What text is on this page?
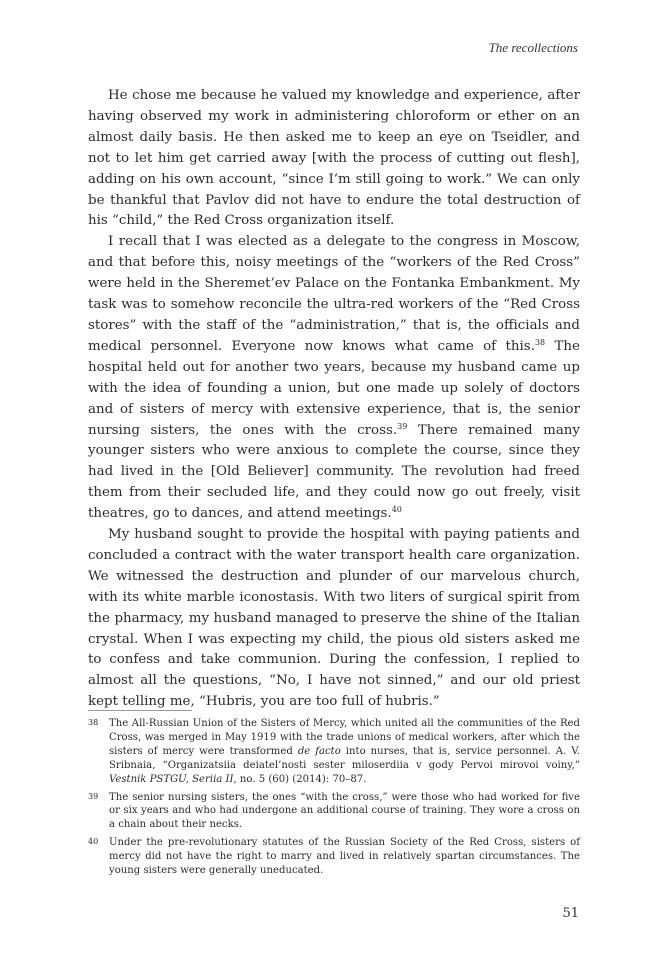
The recollections

He chose me because he valued my knowledge and experience, after having observed my work in administering chloroform or ether on an almost daily basis. He then asked me to keep an eye on Tseidler, and not to let him get carried away [with the process of cutting out flesh], adding on his own account, “since I’m still going to work.” We can only be thankful that Pavlov did not have to endure the total destruction of his “child,” the Red Cross organization itself.

I recall that I was elected as a delegate to the congress in Moscow, and that before this, noisy meetings of the “workers of the Red Cross” were held in the Sheremet’ev Palace on the Fontanka Embankment. My task was to somehow reconcile the ultra-red workers of the “Red Cross stores” with the staff of the “administration,” that is, the officials and medical personnel. Everyone now knows what came of this.$^{38}$ The hospital held out for another two years, because my husband came up with the idea of founding a union, but one made up solely of doctors and of sisters of mercy with extensive experience, that is, the senior nursing sisters, the ones with the cross.$^{39}$ There remained many younger sisters who were anxious to complete the course, since they had lived in the [Old Believer] community. The revolution had freed them from their secluded life, and they could now go out freely, visit theatres, go to dances, and attend meetings.$^{40}$

My husband sought to provide the hospital with paying patients and concluded a contract with the water transport health care organization. We witnessed the destruction and plunder of our marvelous church, with its white marble iconostasis. With two liters of surgical spirit from the pharmacy, my husband managed to preserve the shine of the Italian crystal. When I was expecting my child, the pious old sisters asked me to confess and take communion. During the confession, I replied to almost all the questions, “No, I have not sinned,” and our old priest kept telling me, “Hubris, you are too full of hubris.”

38 The All-Russian Union of the Sisters of Mercy, which united all the communities of the Red Cross, was merged in May 1919 with the trade unions of medical workers, after which the sisters of mercy were transformed de facto into nurses, that is, service personnel. A. V. Sribnaia, “Organizatsiia deiatel’nosti sester miloserdiia v gody Pervoi mirovoi voiny,” Vestnik PSTGU, Seriia II, no. 5 (60) (2014): 70–87.
39 The senior nursing sisters, the ones “with the cross,” were those who had worked for five or six years and who had undergone an additional course of training. They wore a cross on a chain about their necks.
40 Under the pre-revolutionary statutes of the Russian Society of the Red Cross, sisters of mercy did not have the right to marry and lived in relatively spartan circumstances. The young sisters were generally uneducated.
51
